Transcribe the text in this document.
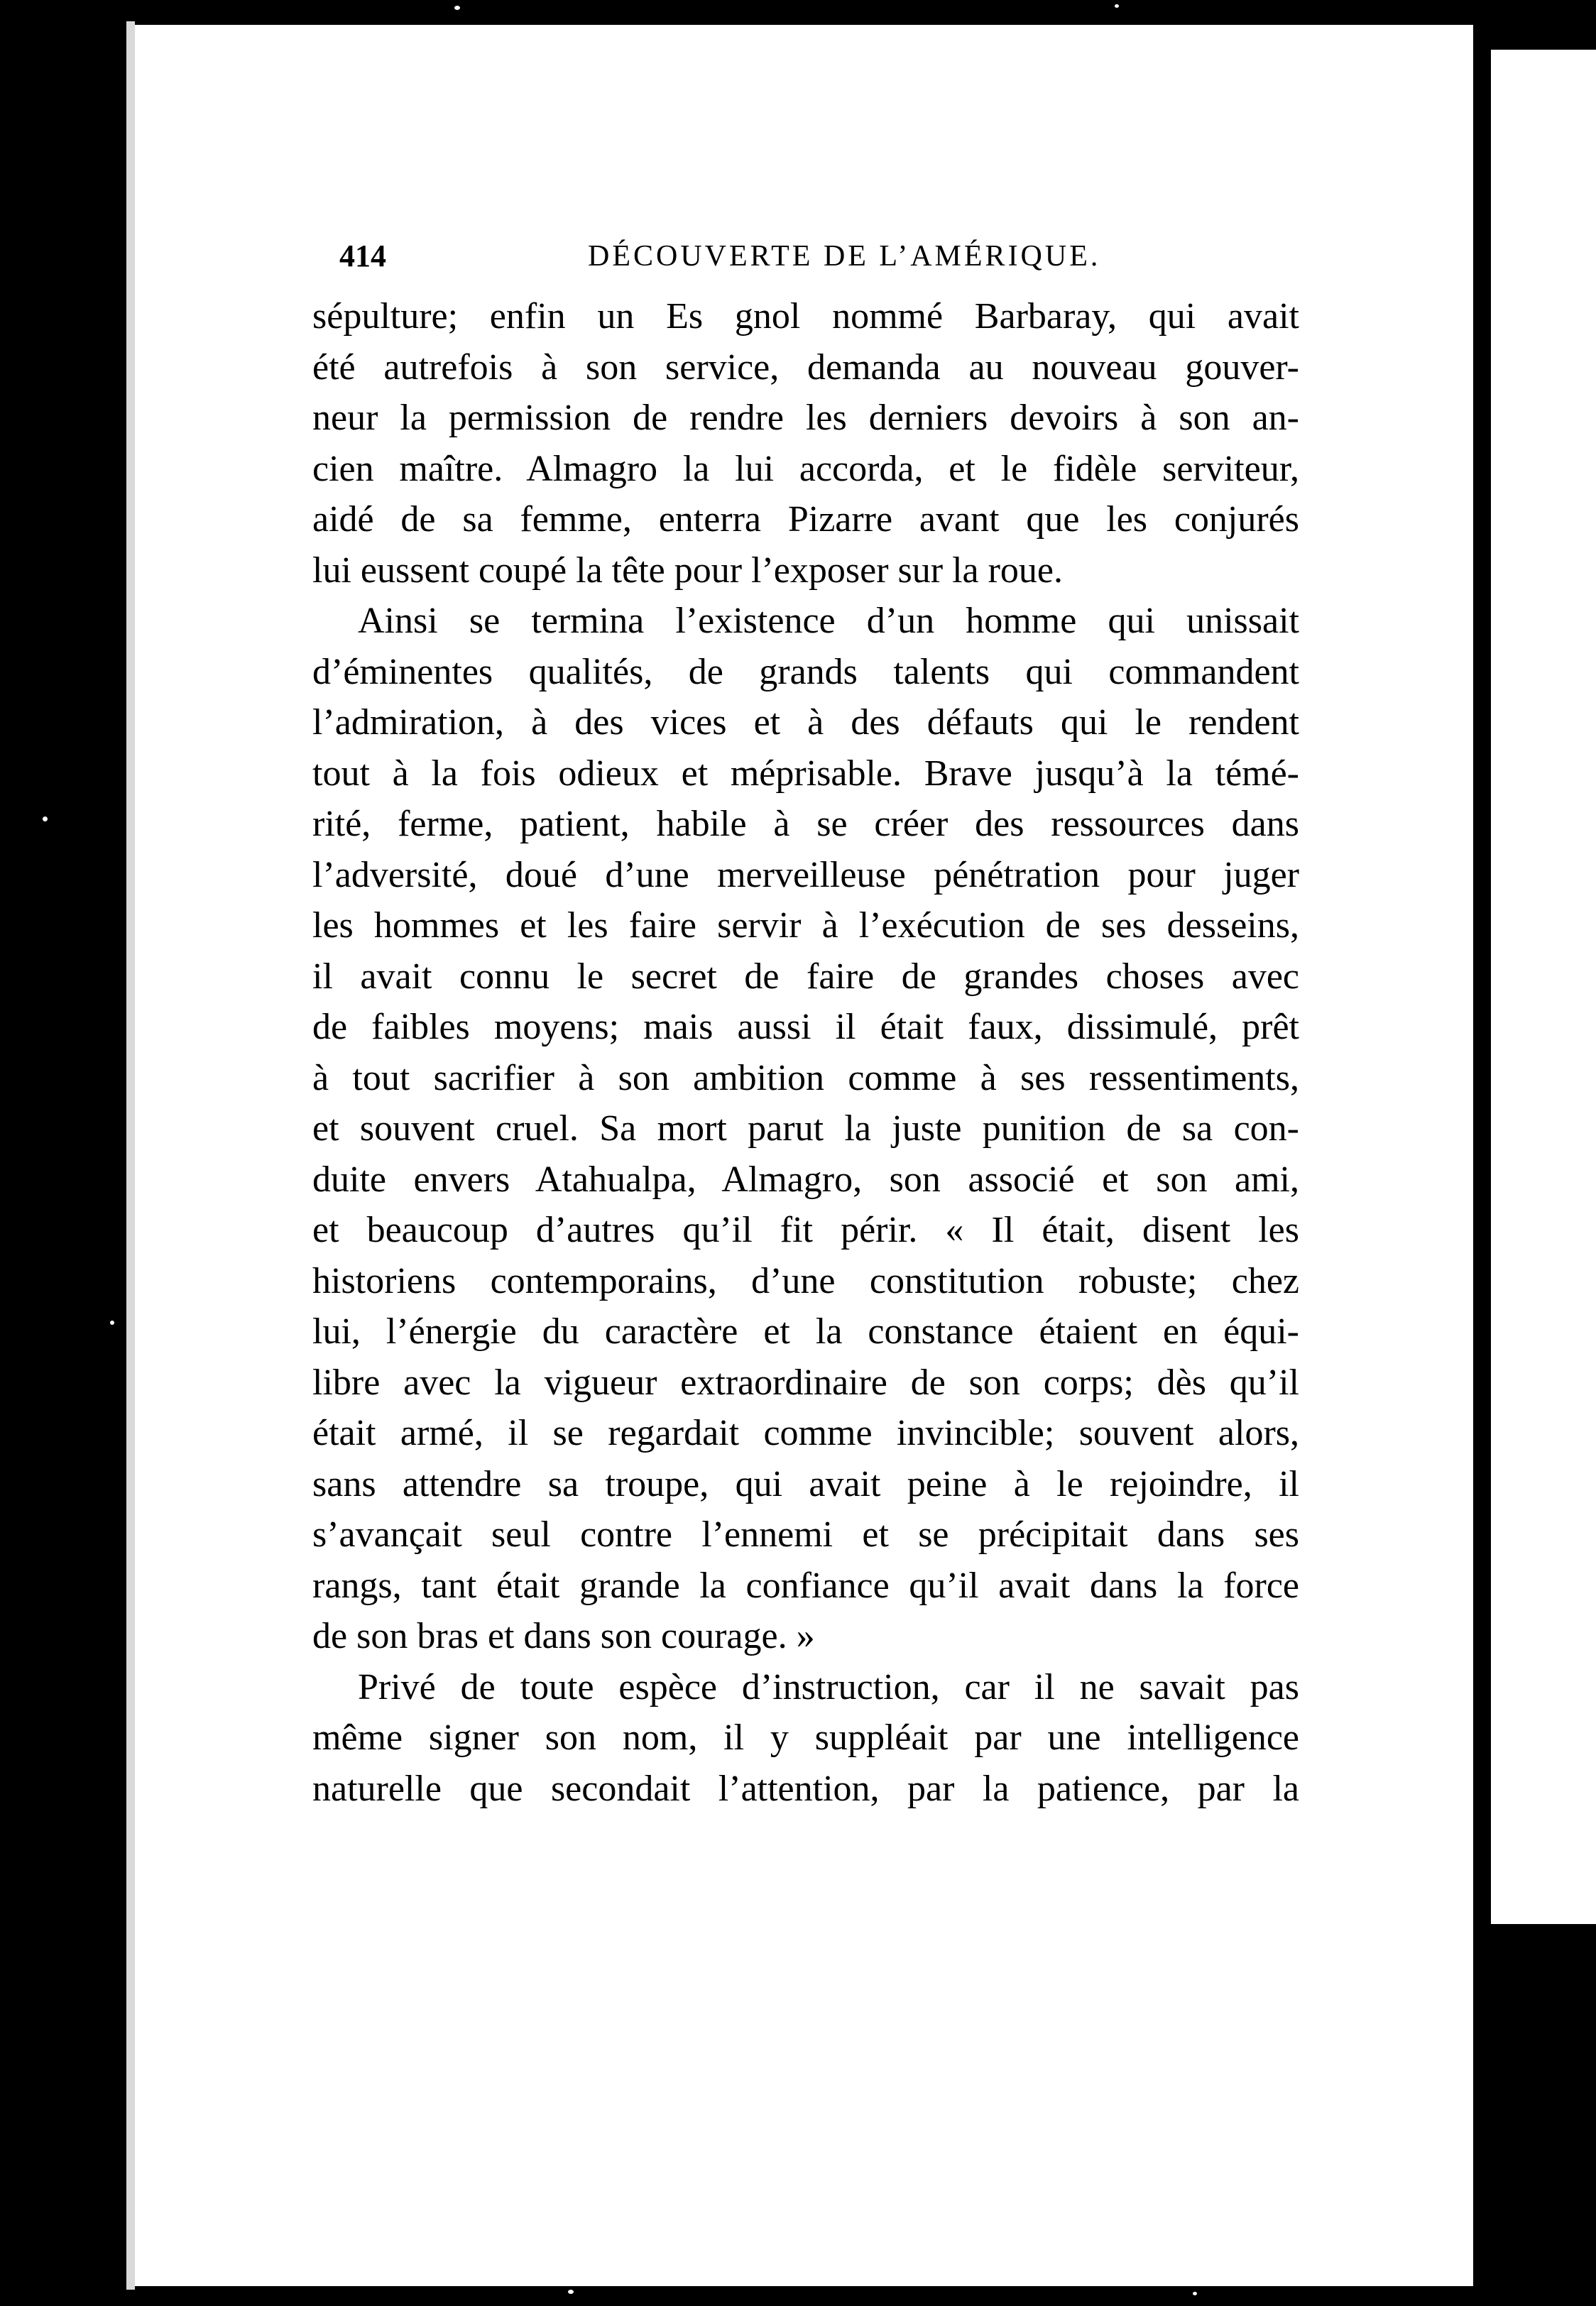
414	DÉCOUVERTE DE L’AMÉRIQUE.
sépulture; enfin un Es gnol nommé Barbaray, qui avait
été autrefois à son service, demanda au nouveau gouver-
neur la permission de rendre les derniers devoirs à son an-
cien maître. Almagro la lui accorda, et le fidèle serviteur,
aidé de sa femme, enterra Pizarre avant que les conjurés
lui eussent coupé la tête pour l’exposer sur la roue.
Ainsi se termina l’existence d’un homme qui unissait
d’éminentes qualités, de grands talents qui commandent
l’admiration, à des vices et à des défauts qui le rendent
tout à la fois odieux et méprisable. Brave jusqu’à la témé-
rité, ferme, patient, habile à se créer des ressources dans
l’adversité, doué d’une merveilleuse pénétration pour juger
les hommes et les faire servir à l’exécution de ses desseins,
il avait connu le secret de faire de grandes choses avec
de faibles moyens; mais aussi il était faux, dissimulé, prêt
à tout sacrifier à son ambition comme à ses ressentiments,
et souvent cruel. Sa mort parut la juste punition de sa con-
duite envers Atahualpa, Almagro, son associé et son ami,
et beaucoup d’autres qu’il fit périr. « Il était, disent les
historiens contemporains, d’une constitution robuste; chez
lui, l’énergie du caractère et la constance étaient en équi-
libre avec la vigueur extraordinaire de son corps; dès qu’il
était armé, il se regardait comme invincible; souvent alors,
sans attendre sa troupe, qui avait peine à le rejoindre, il
s’avançait seul contre l’ennemi et se précipitait dans ses
rangs, tant était grande la confiance qu’il avait dans la force
de son bras et dans son courage. »
Privé de toute espèce d’instruction, car il ne savait pas
même signer son nom, il y suppléait par une intelligence
naturelle que secondait l’attention, par la patience, par la
